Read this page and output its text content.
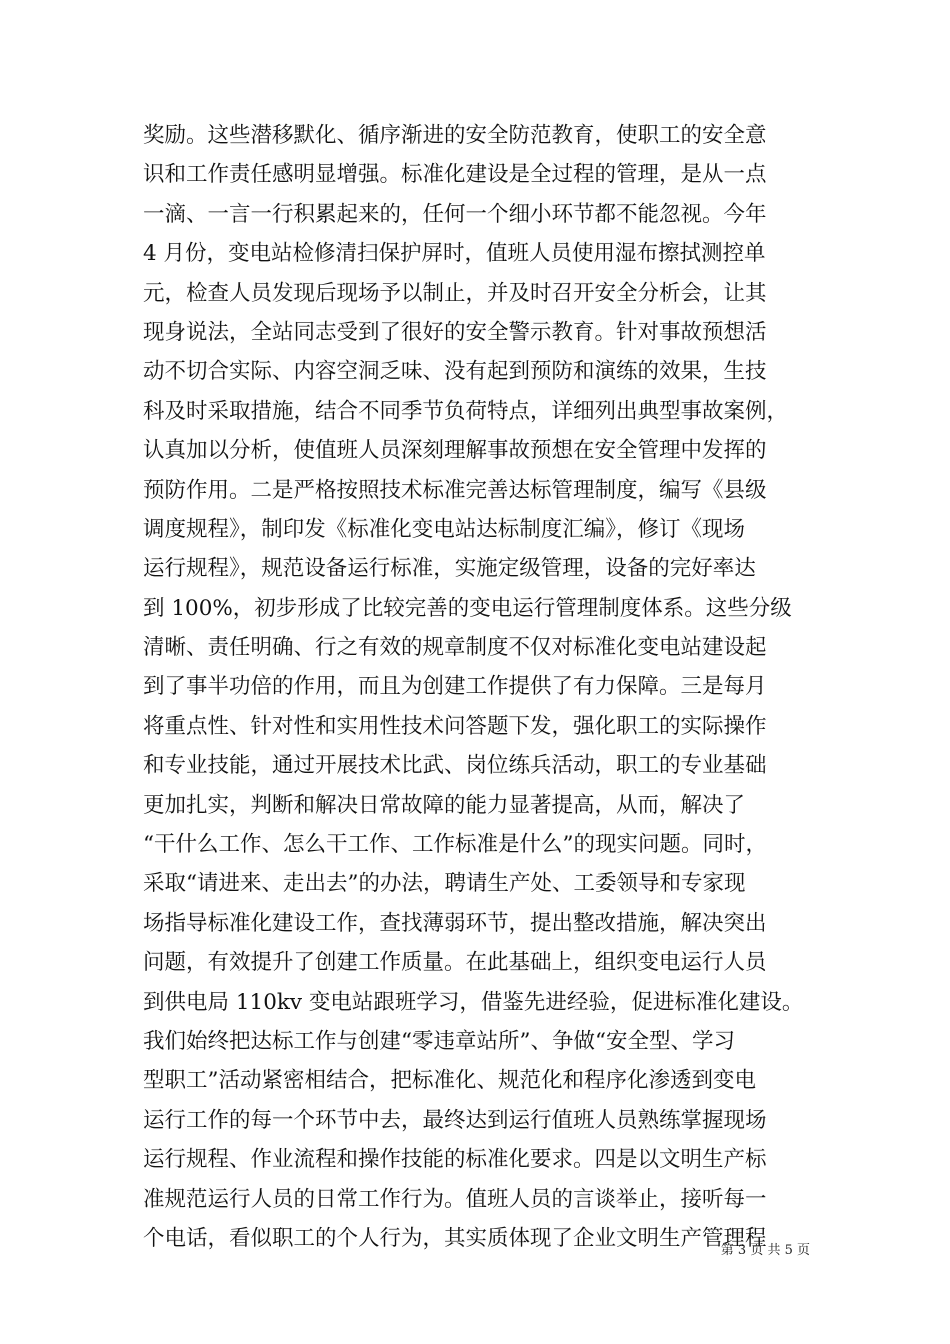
奖励。这些潜移默化、循序渐进的安全防范教育，使职工的安全意
识和工作责任感明显增强。标准化建设是全过程的管理，是从一点
一滴、一言一行积累起来的，任何一个细小环节都不能忽视。今年
4 月份，变电站检修清扫保护屏时，值班人员使用湿布擦拭测控单
元，检查人员发现后现场予以制止，并及时召开安全分析会，让其
现身说法，全站同志受到了很好的安全警示教育。针对事故预想活
动不切合实际、内容空洞乏味、没有起到预防和演练的效果，生技
科及时采取措施，结合不同季节负荷特点，详细列出典型事故案例，
认真加以分析，使值班人员深刻理解事故预想在安全管理中发挥的
预防作用。二是严格按照技术标准完善达标管理制度，编写《县级
调度规程》，制印发《标准化变电站达标制度汇编》，修订《现场
运行规程》，规范设备运行标准，实施定级管理，设备的完好率达
到 100%，初步形成了比较完善的变电运行管理制度体系。这些分级
清晰、责任明确、行之有效的规章制度不仅对标准化变电站建设起
到了事半功倍的作用，而且为创建工作提供了有力保障。三是每月
将重点性、针对性和实用性技术问答题下发，强化职工的实际操作
和专业技能，通过开展技术比武、岗位练兵活动，职工的专业基础
更加扎实，判断和解决日常故障的能力显著提高，从而，解决了
“干什么工作、怎么干工作、工作标准是什么”的现实问题。同时，
采取“请进来、走出去”的办法，聘请生产处、工委领导和专家现
场指导标准化建设工作，查找薄弱环节，提出整改措施，解决突出
问题，有效提升了创建工作质量。在此基础上，组织变电运行人员
到供电局 110kv 变电站跟班学习，借鉴先进经验，促进标准化建设。
我们始终把达标工作与创建“零违章站所”、争做“安全型、学习
型职工”活动紧密相结合，把标准化、规范化和程序化渗透到变电
运行工作的每一个环节中去，最终达到运行值班人员熟练掌握现场
运行规程、作业流程和操作技能的标准化要求。四是以文明生产标
准规范运行人员的日常工作行为。值班人员的言谈举止，接听每一
个电话，看似职工的个人行为，其实质体现了企业文明生产管理程
第 3 页 共 5 页
